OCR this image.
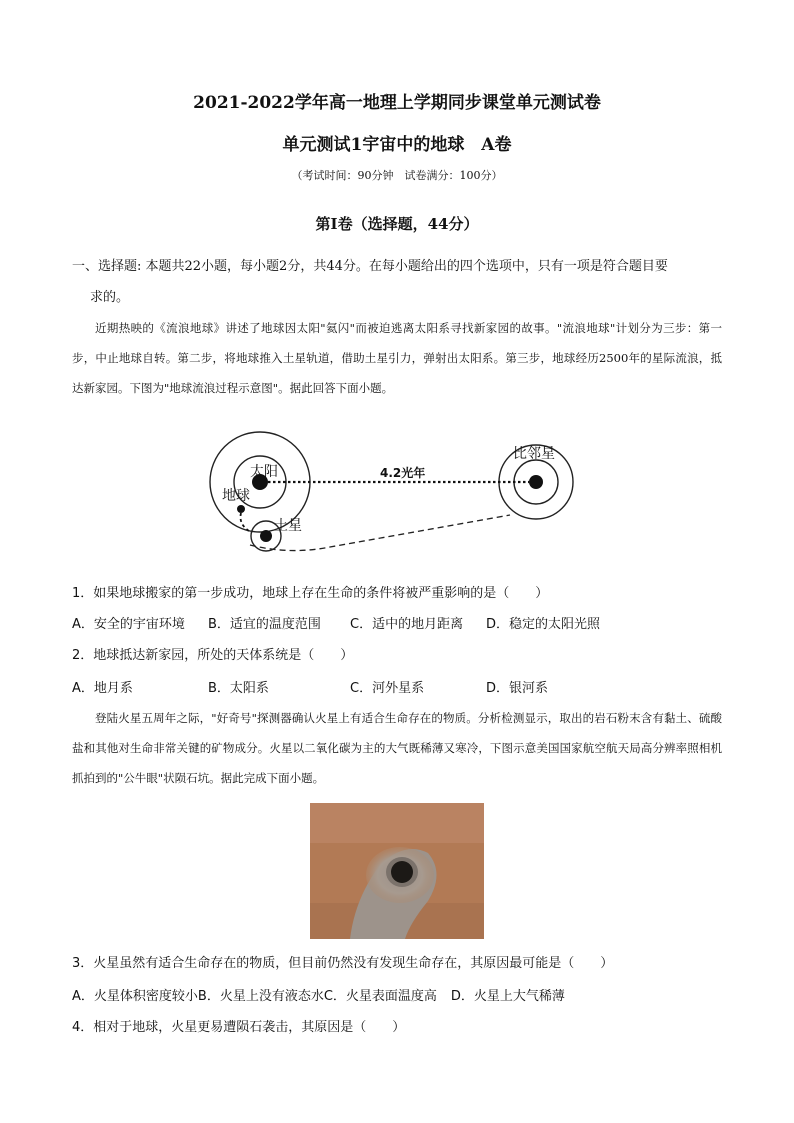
2021-2022学年高一地理上学期同步课堂单元测试卷
单元测试1宇宙中的地球　A卷
（考试时间：90分钟　试卷满分：100分）
第Ⅰ卷（选择题，44分）
一、选择题: 本题共22小题，每小题2分，共44分。在每小题给出的四个选项中，只有一项是符合题目要
求的。
近期热映的《流浪地球》讲述了地球因太阳"氦闪"而被迫逃离太阳系寻找新家园的故事。"流浪地球"计划分为三步：第一步，中止地球自转。第二步，将地球推入土星轨道，借助土星引力，弹射出太阳系。第三步，地球经历2500年的星际流浪，抵达新家园。下图为"地球流浪过程示意图"。据此回答下面小题。
太阳
地球
土星
比邻星
4.2光年
1．如果地球搬家的第一步成功，地球上存在生命的条件将被严重影响的是（　　）
A．安全的宇宙环境 B．适宜的温度范围 C．适中的地月距离 D．稳定的太阳光照
2．地球抵达新家园，所处的天体系统是（　　）
A．地月系	B．太阳系	C．河外星系	D．银河系
登陆火星五周年之际，"好奇号"探测器确认火星上有适合生命存在的物质。分析检测显示，取出的岩石粉末含有黏土、硫酸盐和其他对生命非常关键的矿物成分。火星以二氧化碳为主的大气既稀薄又寒冷，下图示意美国国家航空航天局高分辨率照相机抓拍到的"公牛眼"状陨石坑。据此完成下面小题。
3．火星虽然有适合生命存在的物质，但目前仍然没有发现生命存在，其原因最可能是（　　）
A．火星体积密度较小B．火星上没有液态水C．火星表面温度高 D．火星上大气稀薄
4．相对于地球，火星更易遭陨石袭击，其原因是（　　）
